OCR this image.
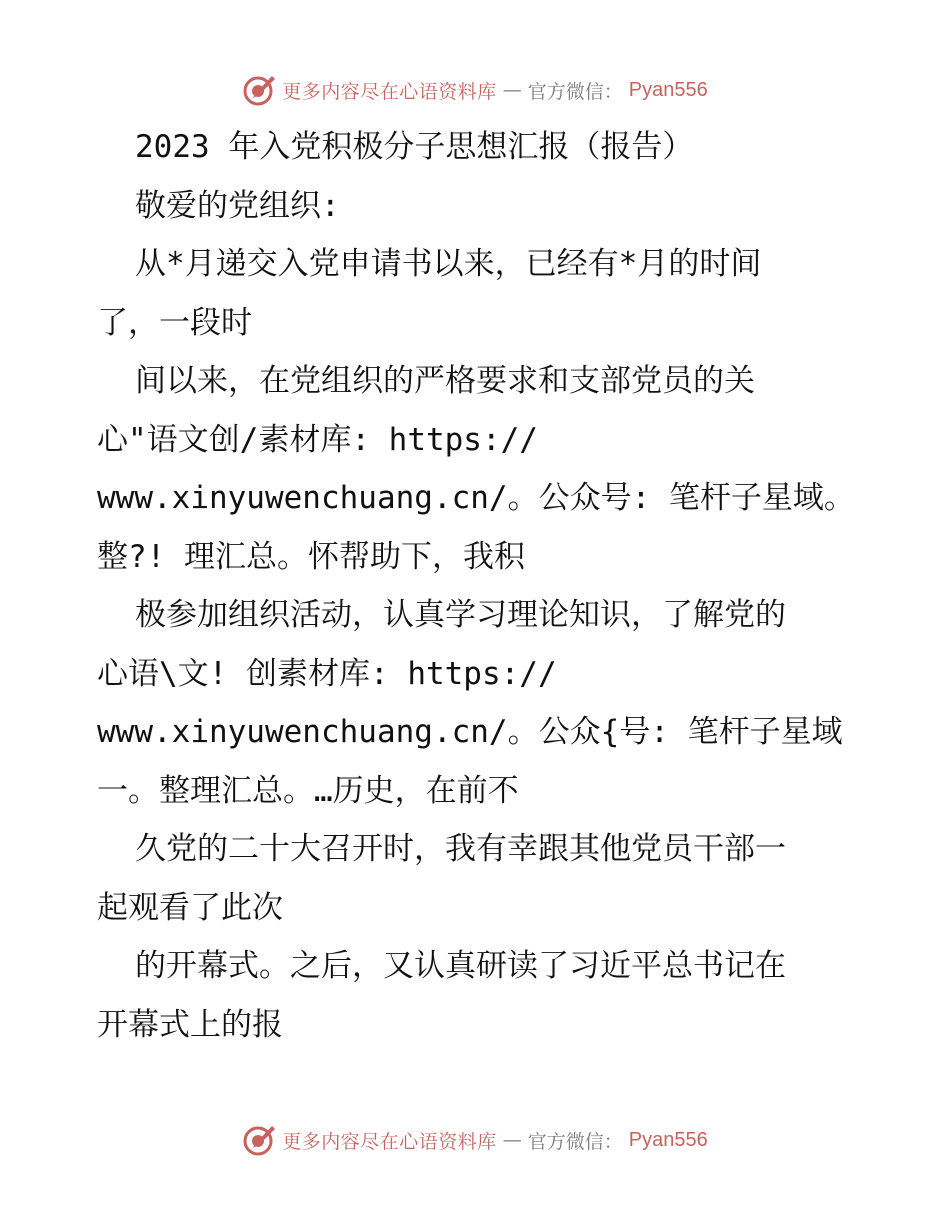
更多内容尽在心语资料库 — 官方微信： Pyan556
2023 年入党积极分子思想汇报（报告）
敬爱的党组织:
从*月递交入党申请书以来，已经有*月的时间
了，一段时
间以来，在党组织的严格要求和支部党员的关
心"语文创/素材库: https://
www.xinyuwenchuang.cn/。公众号: 笔杆子星域。
整?! 理汇总。怀帮助下，我积
极参加组织活动，认真学习理论知识，了解党的
心语\文! 创素材库: https://
www.xinyuwenchuang.cn/。公众{号: 笔杆子星域
一。整理汇总。…历史，在前不
久党的二十大召开时，我有幸跟其他党员干部一
起观看了此次
的开幕式。之后，又认真研读了习近平总书记在
开幕式上的报
更多内容尽在心语资料库 — 官方微信： Pyan556
